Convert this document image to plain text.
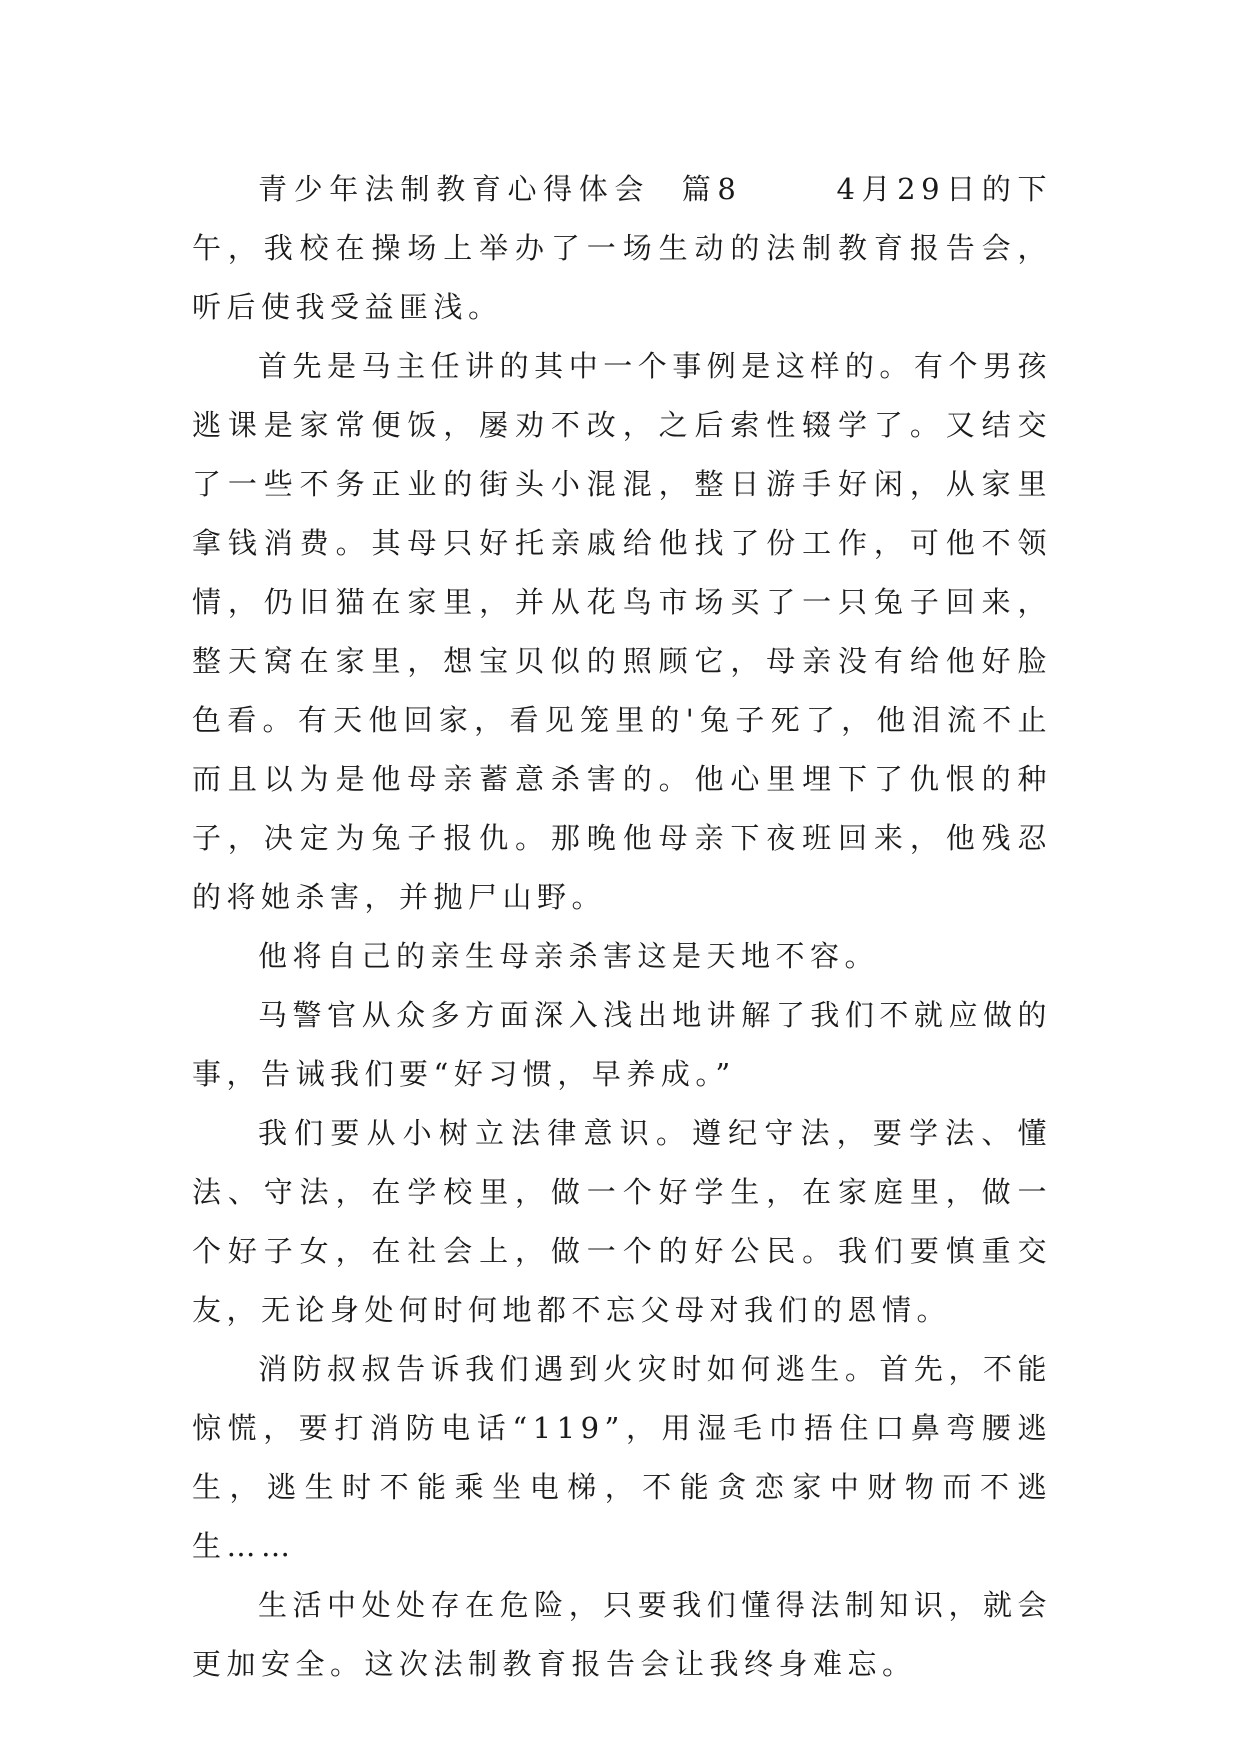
青少年法制教育心得体会  篇8      4月29日的下午，我校在操场上举办了一场生动的法制教育报告会，听后使我受益匪浅。

首先是马主任讲的其中一个事例是这样的。有个男孩逃课是家常便饭，屡劝不改，之后索性辍学了。又结交了一些不务正业的街头小混混，整日游手好闲，从家里拿钱消费。其母只好托亲戚给他找了份工作，可他不领情，仍旧猫在家里，并从花鸟市场买了一只兔子回来，整天窝在家里，想宝贝似的照顾它，母亲没有给他好脸色看。有天他回家，看见笼里的'兔子死了，他泪流不止而且以为是他母亲蓄意杀害的。他心里埋下了仇恨的种子，决定为兔子报仇。那晚他母亲下夜班回来，他残忍的将她杀害，并抛尸山野。

他将自己的亲生母亲杀害这是天地不容。

马警官从众多方面深入浅出地讲解了我们不就应做的事，告诫我们要“好习惯，早养成。”

我们要从小树立法律意识。遵纪守法，要学法、懂法、守法，在学校里，做一个好学生，在家庭里，做一个好子女，在社会上，做一个的好公民。我们要慎重交友，无论身处何时何地都不忘父母对我们的恩情。

消防叔叔告诉我们遇到火灾时如何逃生。首先，不能惊慌，要打消防电话“119”，用湿毛巾捂住口鼻弯腰逃生，逃生时不能乘坐电梯，不能贪恋家中财物而不逃生……

生活中处处存在危险，只要我们懂得法制知识，就会更加安全。这次法制教育报告会让我终身难忘。
